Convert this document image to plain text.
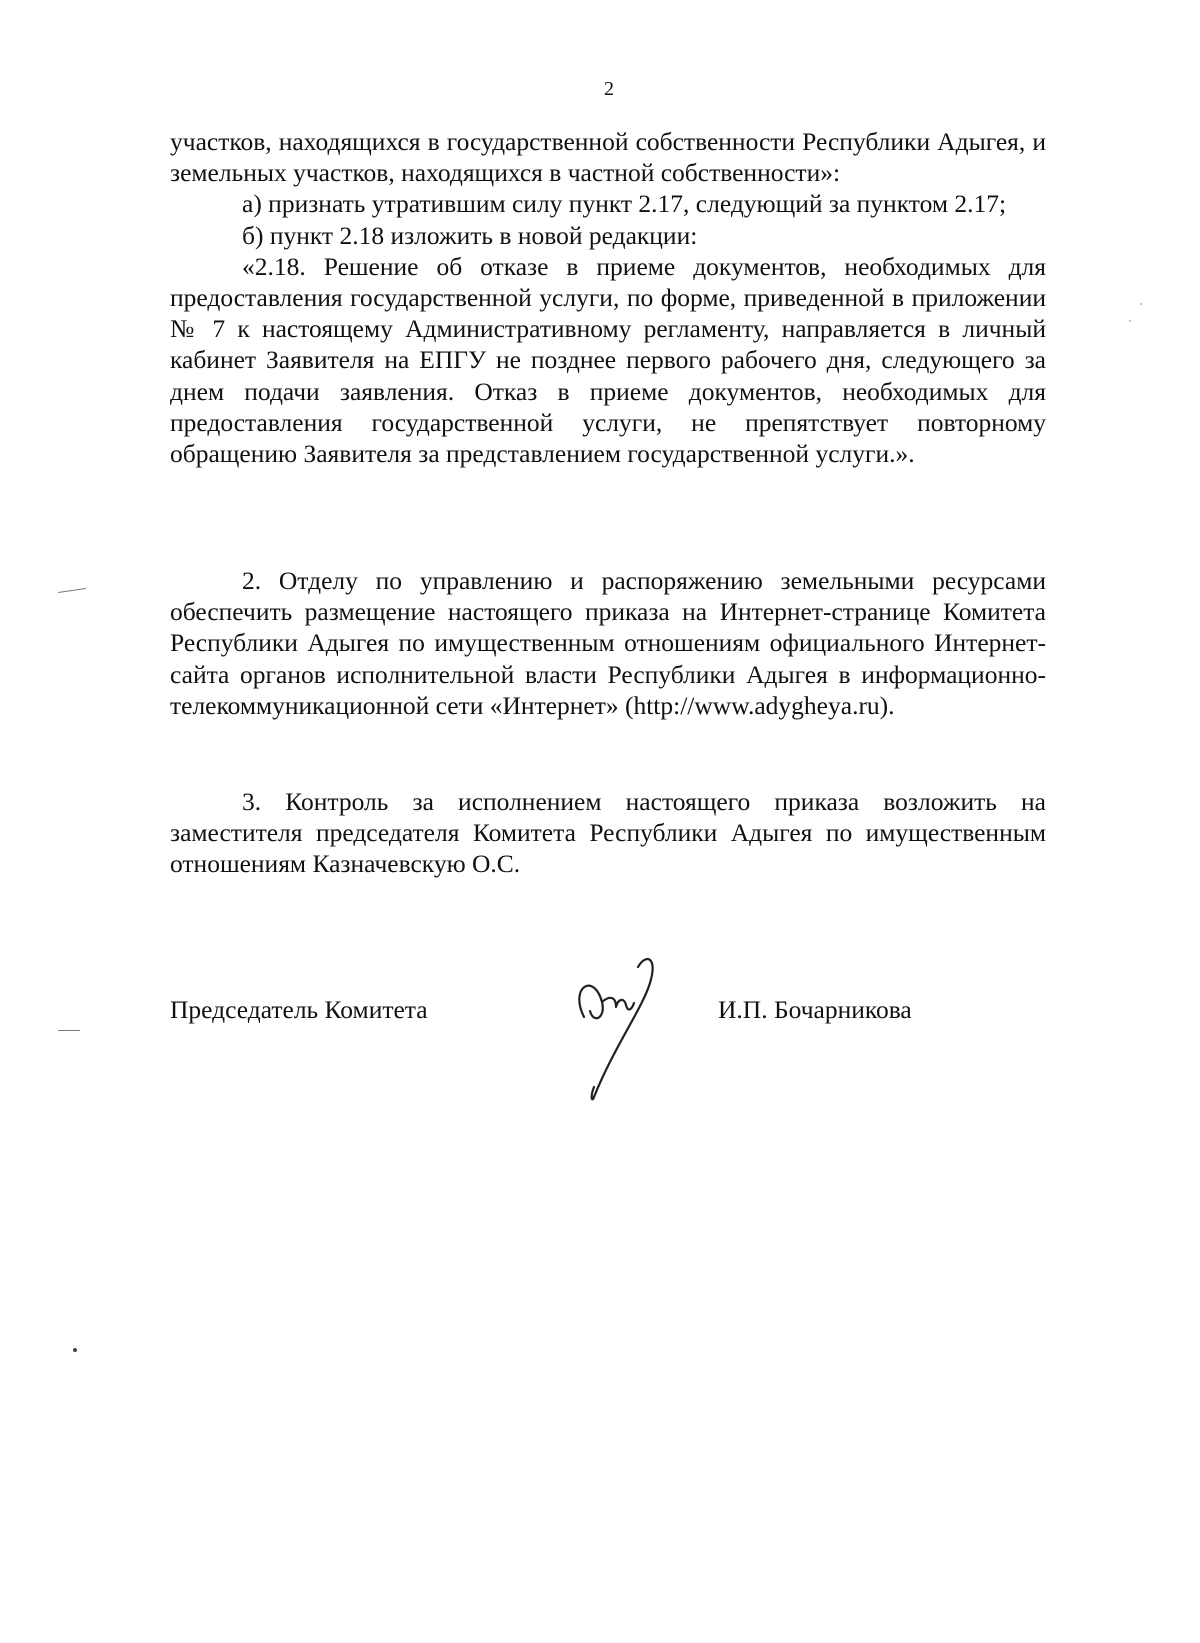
2

участков, находящихся в государственной собственности Республики Адыгея, и земельных участков, находящихся в частной собственности»:

а) признать утратившим силу пункт 2.17, следующий за пунктом 2.17;

б) пункт 2.18 изложить в новой редакции:

«2.18. Решение об отказе в приеме документов, необходимых для предоставления государственной услуги, по форме, приведенной в приложении № 7 к настоящему Административному регламенту, направляется в личный кабинет Заявителя на ЕПГУ не позднее первого рабочего дня, следующего за днем подачи заявления. Отказ в приеме документов, необходимых для предоставления государственной услуги, не препятствует повторному обращению Заявителя за представлением государственной услуги.».

2. Отделу по управлению и распоряжению земельными ресурсами обеспечить размещение настоящего приказа на Интернет-странице Комитета Республики Адыгея по имущественным отношениям официального Интернет-сайта органов исполнительной власти Республики Адыгея в информационно-телекоммуникационной сети «Интернет» (http://www.adygheya.ru).

3. Контроль за исполнением настоящего приказа возложить на заместителя председателя Комитета Республики Адыгея по имущественным отношениям Казначевскую О.С.

Председатель Комитета	И.П. Бочарникова
